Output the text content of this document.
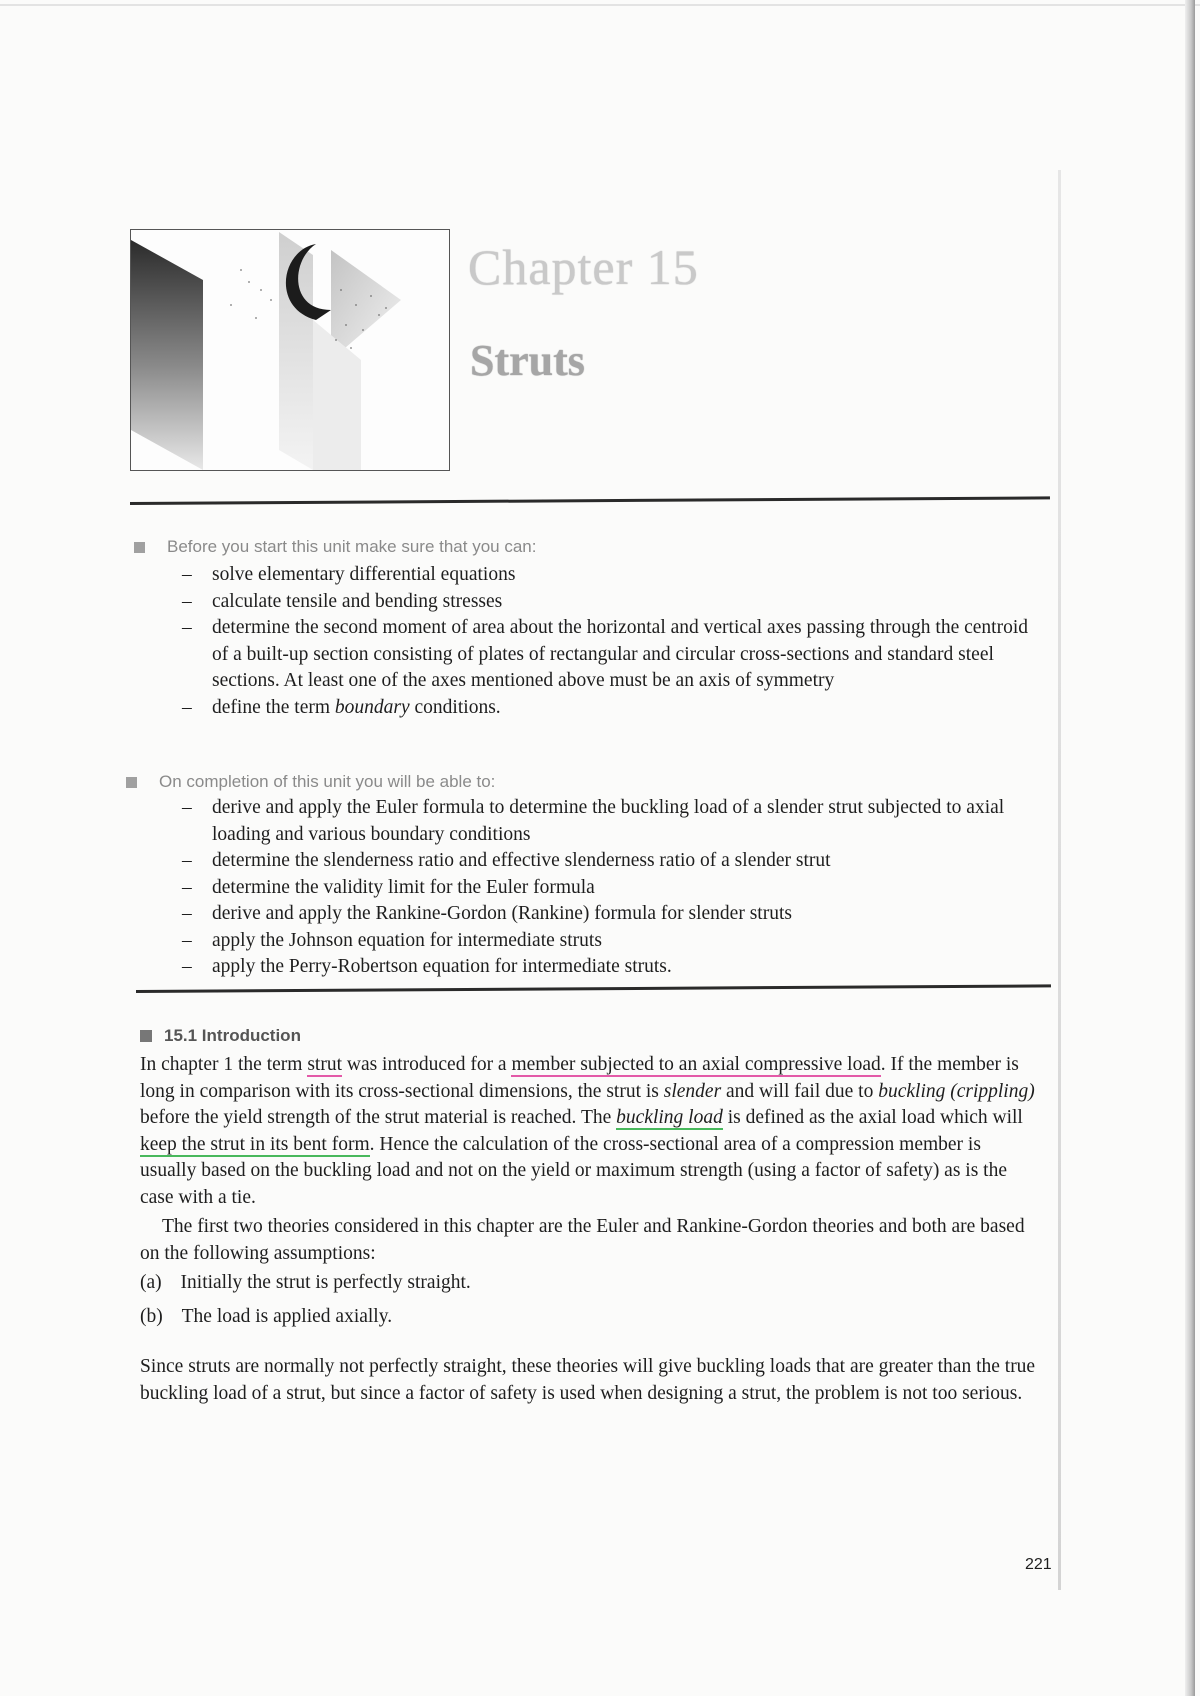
Chapter 15
Struts
Before you start this unit make sure that you can:
– solve elementary differential equations
– calculate tensile and bending stresses
– determine the second moment of area about the horizontal and vertical axes passing through the centroid of a built-up section consisting of plates of rectangular and circular cross-sections and standard steel sections. At least one of the axes mentioned above must be an axis of symmetry
– define the term boundary conditions.
On completion of this unit you will be able to:
– derive and apply the Euler formula to determine the buckling load of a slender strut subjected to axial loading and various boundary conditions
– determine the slenderness ratio and effective slenderness ratio of a slender strut
– determine the validity limit for the Euler formula
– derive and apply the Rankine-Gordon (Rankine) formula for slender struts
– apply the Johnson equation for intermediate struts
– apply the Perry-Robertson equation for intermediate struts.
15.1 Introduction

In chapter 1 the term strut was introduced for a member subjected to an axial compressive load. If the member is long in comparison with its cross-sectional dimensions, the strut is slender and will fail due to buckling (crippling) before the yield strength of the strut material is reached. The buckling load is defined as the axial load which will keep the strut in its bent form. Hence the calculation of the cross-sectional area of a compression member is usually based on the buckling load and not on the yield or maximum strength (using a factor of safety) as is the case with a tie.

The first two theories considered in this chapter are the Euler and Rankine-Gordon theories and both are based on the following assumptions:

(a) Initially the strut is perfectly straight.
(b) The load is applied axially.

Since struts are normally not perfectly straight, these theories will give buckling loads that are greater than the true buckling load of a strut, but since a factor of safety is used when designing a strut, the problem is not too serious.

221
